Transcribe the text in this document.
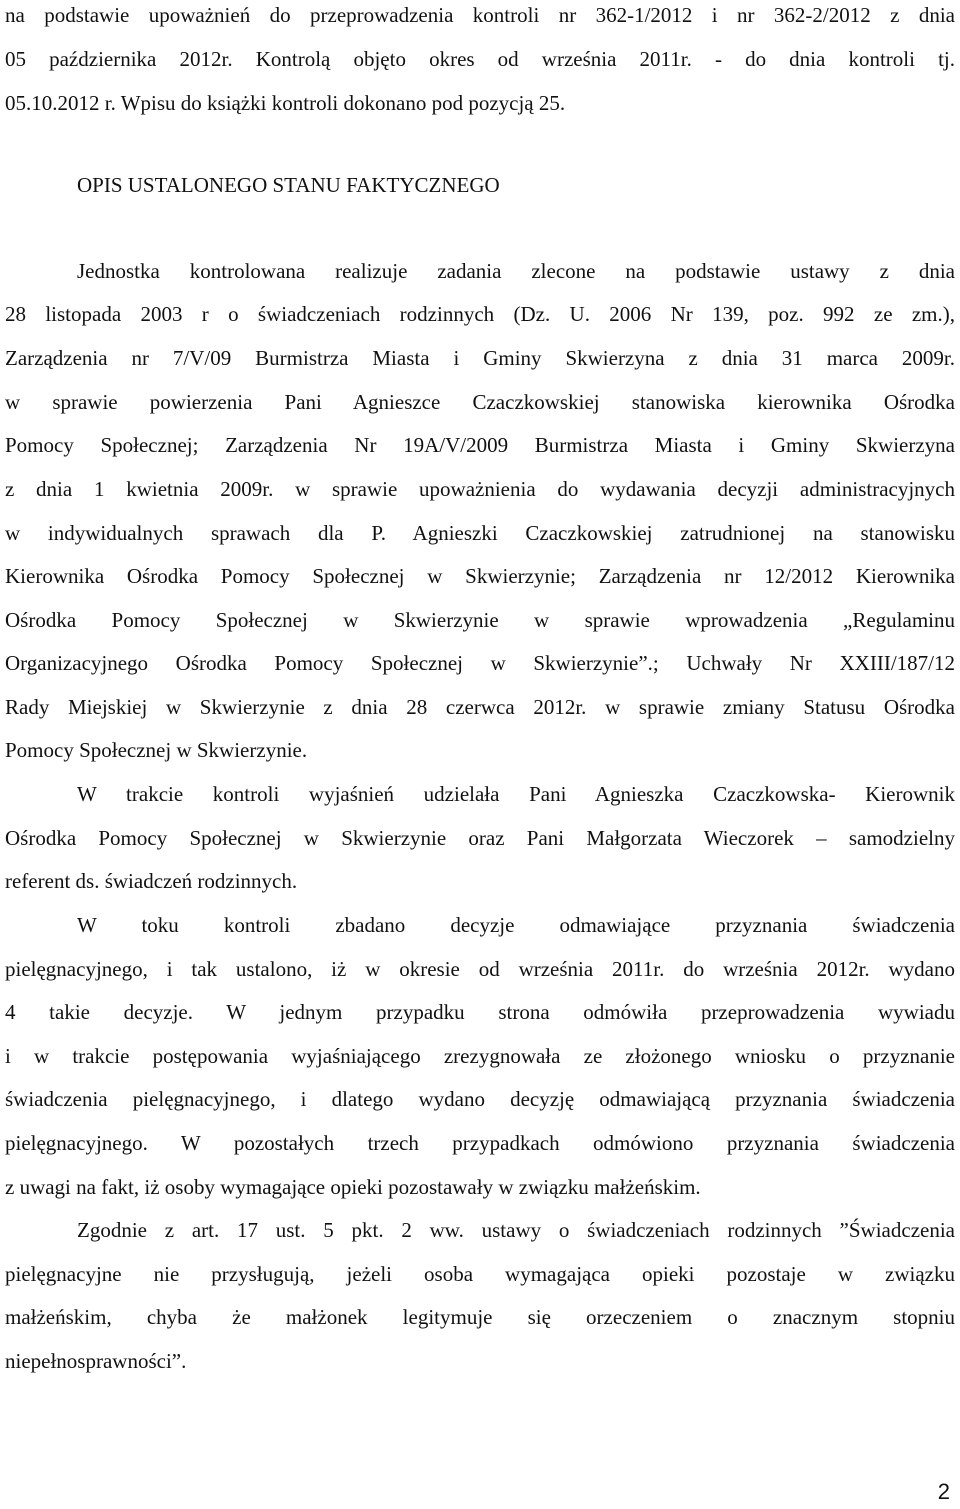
na podstawie upoważnień do przeprowadzenia kontroli nr 362-1/2012 i nr 362-2/2012 z dnia
05 października 2012r. Kontrolą objęto okres od września 2011r. - do dnia kontroli tj.
05.10.2012 r. Wpisu do książki kontroli dokonano pod pozycją 25.
OPIS USTALONEGO STANU FAKTYCZNEGO
Jednostka kontrolowana realizuje zadania zlecone na podstawie ustawy z dnia
28 listopada 2003 r o świadczeniach rodzinnych (Dz. U. 2006 Nr 139, poz. 992 ze zm.),
Zarządzenia nr 7/V/09 Burmistrza Miasta i Gminy Skwierzyna z dnia 31 marca 2009r.
w sprawie powierzenia Pani Agnieszce Czaczkowskiej stanowiska kierownika Ośrodka
Pomocy Społecznej; Zarządzenia Nr 19A/V/2009 Burmistrza Miasta i Gminy Skwierzyna
z dnia 1 kwietnia 2009r. w sprawie upoważnienia do wydawania decyzji administracyjnych
w indywidualnych sprawach dla P. Agnieszki Czaczkowskiej zatrudnionej na stanowisku
Kierownika Ośrodka Pomocy Społecznej w Skwierzynie; Zarządzenia nr 12/2012 Kierownika
Ośrodka Pomocy Społecznej w Skwierzynie w sprawie wprowadzenia „Regulaminu
Organizacyjnego Ośrodka Pomocy Społecznej w Skwierzynie”.; Uchwały Nr XXIII/187/12
Rady Miejskiej w Skwierzynie z dnia 28 czerwca 2012r. w sprawie zmiany Statusu Ośrodka
Pomocy Społecznej w Skwierzynie.
W trakcie kontroli wyjaśnień udzielała Pani Agnieszka Czaczkowska- Kierownik
Ośrodka Pomocy Społecznej w Skwierzynie oraz Pani Małgorzata Wieczorek – samodzielny
referent ds. świadczeń rodzinnych.
W toku kontroli zbadano decyzje odmawiające przyznania świadczenia
pielęgnacyjnego, i tak ustalono, iż w okresie od września 2011r. do września 2012r. wydano
4 takie decyzje. W jednym przypadku strona odmówiła przeprowadzenia wywiadu
i w trakcie postępowania wyjaśniającego zrezygnowała ze złożonego wniosku o przyznanie
świadczenia pielęgnacyjnego, i dlatego wydano decyzję odmawiającą przyznania świadczenia
pielęgnacyjnego. W pozostałych trzech przypadkach odmówiono przyznania świadczenia
z uwagi na fakt, iż osoby wymagające opieki pozostawały w związku małżeńskim.
Zgodnie z art. 17 ust. 5 pkt. 2 ww. ustawy o świadczeniach rodzinnych ”Świadczenia
pielęgnacyjne nie przysługują, jeżeli osoba wymagająca opieki pozostaje w związku
małżeńskim, chyba że małżonek legitymuje się orzeczeniem o znacznym stopniu
niepełnosprawności”.
2
